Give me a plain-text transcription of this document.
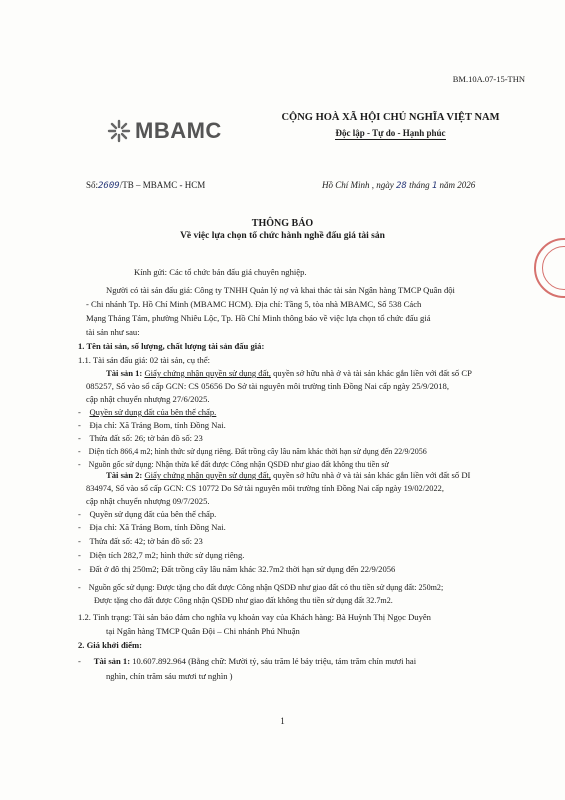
BM.10A.07-15-THN
MBAMC
CỘNG HOÀ XÃ HỘI CHỦ NGHĨA VIỆT NAM
Độc lập - Tự do - Hạnh phúc
Số:2609/TB – MBAMC - HCM	Hồ Chí Minh , ngày 28 tháng 1 năm 2026
THÔNG BÁO
Về việc lựa chọn tổ chức hành nghề đấu giá tài sản
Kính gửi: Các tổ chức bán đấu giá chuyên nghiệp.
Người có tài sản đấu giá: Công ty TNHH Quản lý nợ và khai thác tài sản Ngân hàng TMCP Quân đội
- Chi nhánh Tp. Hồ Chí Minh (MBAMC HCM). Địa chỉ: Tầng 5, tòa nhà MBAMC, Số 538 Cách
Mạng Tháng Tám, phường Nhiêu Lộc, Tp. Hồ Chí Minh thông báo về việc lựa chọn tổ chức đấu giá
tài sản như sau:
1. Tên tài sản, số lượng, chất lượng tài sản đấu giá:
1.1. Tài sản đấu giá: 02 tài sản, cụ thể:
Tài sản 1: Giấy chứng nhận quyền sử dụng đất, quyền sở hữu nhà ở và tài sản khác gắn liền với đất số CP
085257, Số vào sổ cấp GCN: CS 05656 Do Sở tài nguyên môi trường tỉnh Đồng Nai cấp ngày 25/9/2018,
cập nhật chuyển nhượng 27/6/2025.
-    Quyền sử dụng đất của bên thế chấp.
-    Địa chỉ: Xã Trảng Bom, tỉnh Đồng Nai.
-    Thửa đất số: 26; tờ bản đồ số: 23
-    Diện tích 866,4 m2; hình thức sử dụng riêng. Đất trồng cây lâu năm khác thời hạn sử dụng đến 22/9/2056
-    Nguồn gốc sử dụng: Nhận thừa kế đất được Công nhận QSDĐ như giao đất không thu tiền sử
Tài sản 2: Giấy chứng nhận quyền sử dụng đất, quyền sở hữu nhà ở và tài sản khác gắn liền với đất số DI
834974, Số vào sổ cấp GCN: CS 10772 Do Sở tài nguyên môi trường tỉnh Đồng Nai cấp ngày 19/02/2022,
cập nhật chuyển nhượng 09/7/2025.
-    Quyền sử dụng đất của bên thế chấp.
-    Địa chỉ: Xã Trảng Bom, tỉnh Đồng Nai.
-    Thửa đất số: 42; tờ bản đồ số: 23
-    Diện tích 282,7 m2; hình thức sử dụng riêng.
-    Đất ở đô thị 250m2; Đất trồng cây lâu năm khác 32.7m2 thời hạn sử dụng đến 22/9/2056
-    Nguồn gốc sử dụng: Được tặng cho đất được Công nhận QSDĐ như giao đất có thu tiền sử dụng đất: 250m2;
Được tặng cho đất được Công nhận QSDĐ như giao đất không thu tiền sử dụng đất 32.7m2.
1.2. Tình trạng: Tài sản bảo đảm cho nghĩa vụ khoản vay của Khách hàng: Bà Huỳnh Thị Ngọc Duyên
tại Ngân hàng TMCP Quân Đội – Chi nhánh Phú Nhuận
2. Giá khởi điểm:
-      Tài sản 1: 10.607.892.964 (Bằng chữ: Mười tỷ, sáu trăm lẻ bảy triệu, tám trăm chín mươi hai
nghìn, chín trăm sáu mươi tư nghìn )
1
